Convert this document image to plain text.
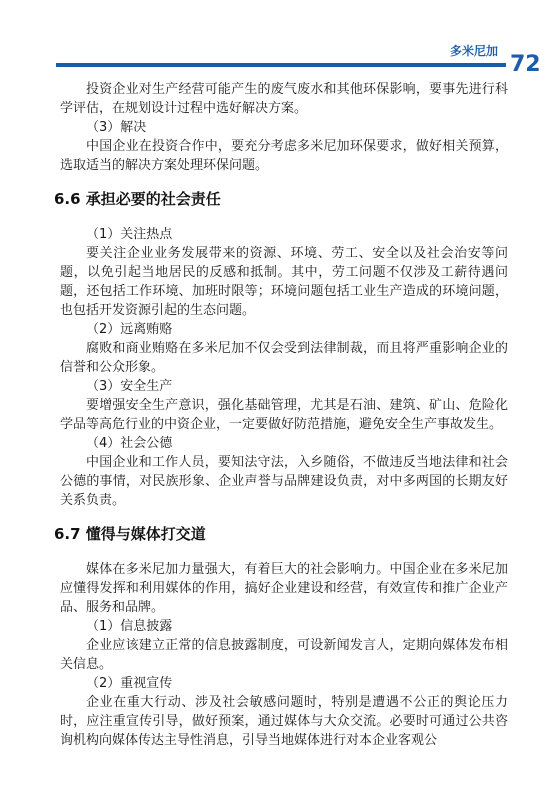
多米尼加
72

投资企业对生产经营可能产生的废气废水和其他环保影响，要事先进行科学评估，在规划设计过程中选好解决方案。

（3）解决

中国企业在投资合作中，要充分考虑多米尼加环保要求，做好相关预算，选取适当的解决方案处理环保问题。

6.6 承担必要的社会责任

（1）关注热点

要关注企业业务发展带来的资源、环境、劳工、安全以及社会治安等问题，以免引起当地居民的反感和抵制。其中，劳工问题不仅涉及工薪待遇问题，还包括工作环境、加班时限等；环境问题包括工业生产造成的环境问题，也包括开发资源引起的生态问题。

（2）远离贿赂

腐败和商业贿赂在多米尼加不仅会受到法律制裁，而且将严重影响企业的信誉和公众形象。

（3）安全生产

要增强安全生产意识，强化基础管理，尤其是石油、建筑、矿山、危险化学品等高危行业的中资企业，一定要做好防范措施，避免安全生产事故发生。

（4）社会公德

中国企业和工作人员，要知法守法，入乡随俗，不做违反当地法律和社会公德的事情，对民族形象、企业声誉与品牌建设负责，对中多两国的长期友好关系负责。

6.7 懂得与媒体打交道

媒体在多米尼加力量强大，有着巨大的社会影响力。中国企业在多米尼加应懂得发挥和利用媒体的作用，搞好企业建设和经营，有效宣传和推广企业产品、服务和品牌。

（1）信息披露

企业应该建立正常的信息披露制度，可设新闻发言人，定期向媒体发布相关信息。

（2）重视宣传

企业在重大行动、涉及社会敏感问题时，特别是遭遇不公正的舆论压力时，应注重宣传引导，做好预案，通过媒体与大众交流。必要时可通过公共咨询机构向媒体传达主导性消息，引导当地媒体进行对本企业客观公
